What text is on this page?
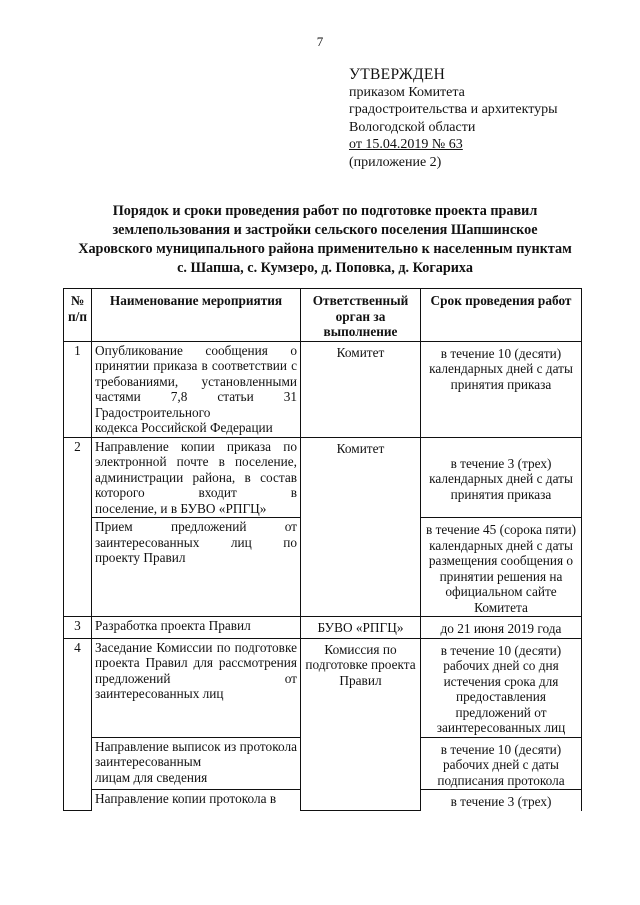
7
УТВЕРЖДЕН
приказом Комитета
градостроительства и архитектуры
Вологодской области
от 15.04.2019 № 63
(приложение 2)
Порядок и сроки проведения работ по подготовке проекта правил
землепользования и застройки сельского поселения Шапшинское
Харовского муниципального района применительно к населенным пунктам
с. Шапша, с. Кумзеро, д. Поповка, д. Когариха
№ п/п	Наименование мероприятия	Ответственный орган за выполнение	Срок проведения работ
1	Опубликование сообщения о принятии приказа в соответствии с требованиями, установленными частями 7,8 статьи 31 Градостроительного
кодекса Российской Федерации	Комитет	в течение 10 (десяти) календарных дней с даты принятия приказа
2	Направление копии приказа по электронной почте в поселение, администрации района, в состав которого входит в
поселение, и в БУВО «РПГЦ»	Комитет	в течение 3 (трех) календарных дней с даты принятия приказа
	Прием предложений от заинтересованных лиц по
проекту Правил		в течение 45 (сорока пяти) календарных дней с даты размещения сообщения о принятии решения на официальном сайте Комитета
3	Разработка проекта Правил	БУВО «РПГЦ»	до 21 июня 2019 года
4	Заседание Комиссии по подготовке проекта Правил для рассмотрения предложений от
заинтересованных лиц	Комиссия по подготовке проекта Правил	в течение 10 (десяти) рабочих дней со дня истечения срока для предоставления предложений от заинтересованных лиц
	Направление выписок из протокола заинтересованным
лицам для сведения		в течение 10 (десяти) рабочих дней с даты подписания протокола
	Направление копии протокола в		в течение 3 (трех)
